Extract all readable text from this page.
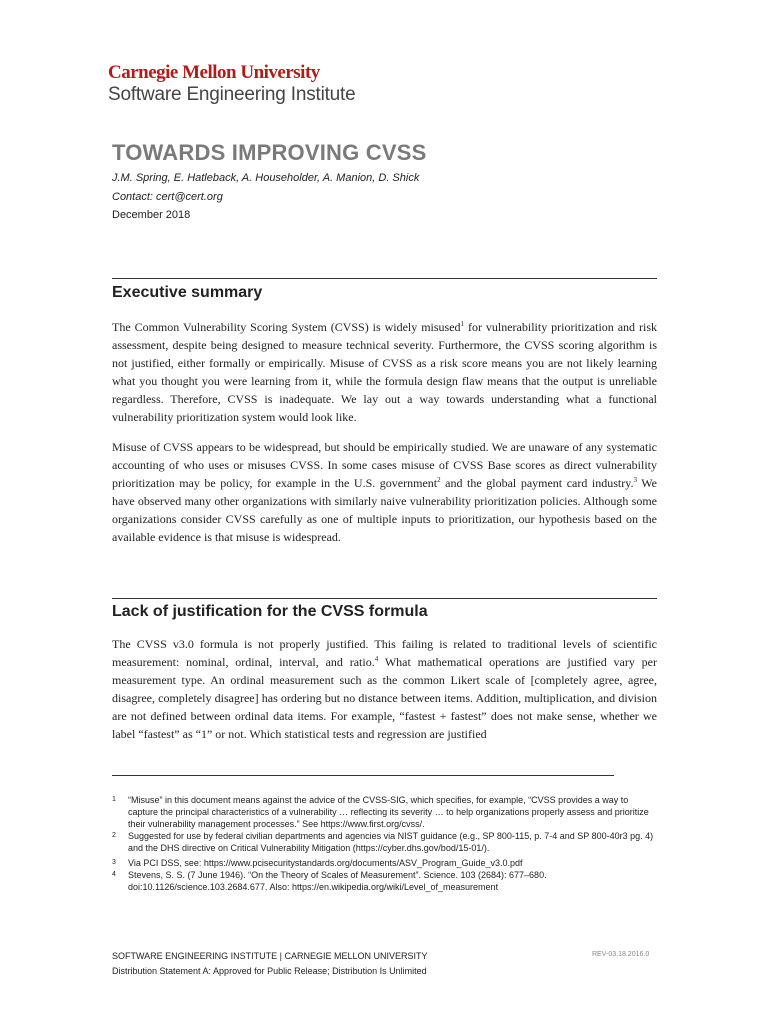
Carnegie Mellon University
Software Engineering Institute
TOWARDS IMPROVING CVSS
J.M. Spring, E. Hatleback, A. Householder, A. Manion, D. Shick
Contact: cert@cert.org
December 2018
Executive summary
The Common Vulnerability Scoring System (CVSS) is widely misused$^1$ for vulnerability prioritization and risk assessment, despite being designed to measure technical severity. Furthermore, the CVSS scoring algorithm is not justified, either formally or empirically. Misuse of CVSS as a risk score means you are not likely learning what you thought you were learning from it, while the formula design flaw means that the output is unreliable regardless. Therefore, CVSS is inadequate. We lay out a way towards understanding what a functional vulnerability prioritization system would look like.
Misuse of CVSS appears to be widespread, but should be empirically studied. We are unaware of any systematic accounting of who uses or misuses CVSS. In some cases misuse of CVSS Base scores as direct vulnerability prioritization may be policy, for example in the U.S. government$^2$ and the global payment card industry.$^3$ We have observed many other organizations with similarly naive vulnerability prioritization policies. Although some organizations consider CVSS carefully as one of multiple inputs to prioritization, our hypothesis based on the available evidence is that misuse is widespread.
Lack of justification for the CVSS formula
The CVSS v3.0 formula is not properly justified. This failing is related to traditional levels of scientific measurement: nominal, ordinal, interval, and ratio.$^4$ What mathematical operations are justified vary per measurement type. An ordinal measurement such as the common Likert scale of [completely agree, agree, disagree, completely disagree] has ordering but no distance between items. Addition, multiplication, and division are not defined between ordinal data items. For example, “fastest + fastest” does not make sense, whether we label “fastest” as “1” or not. Which statistical tests and regression are justified
1 “Misuse” in this document means against the advice of the CVSS-SIG, which specifies, for example, “CVSS provides a way to capture the principal characteristics of a vulnerability … reflecting its severity … to help organizations properly assess and prioritize their vulnerability management processes.” See https://www.first.org/cvss/.
2 Suggested for use by federal civilian departments and agencies via NIST guidance (e.g., SP 800-115, p. 7-4 and SP 800-40r3 pg. 4) and the DHS directive on Critical Vulnerability Mitigation (https://cyber.dhs.gov/bod/15-01/).
3 Via PCI DSS, see: https://www.pcisecuritystandards.org/documents/ASV_Program_Guide_v3.0.pdf
4 Stevens, S. S. (7 June 1946). “On the Theory of Scales of Measurement”. Science. 103 (2684): 677–680. doi:10.1126/science.103.2684.677. Also: https://en.wikipedia.org/wiki/Level_of_measurement
SOFTWARE ENGINEERING INSTITUTE | CARNEGIE MELLON UNIVERSITY
Distribution Statement A: Approved for Public Release; Distribution Is Unlimited
REV-03.18.2016.0
